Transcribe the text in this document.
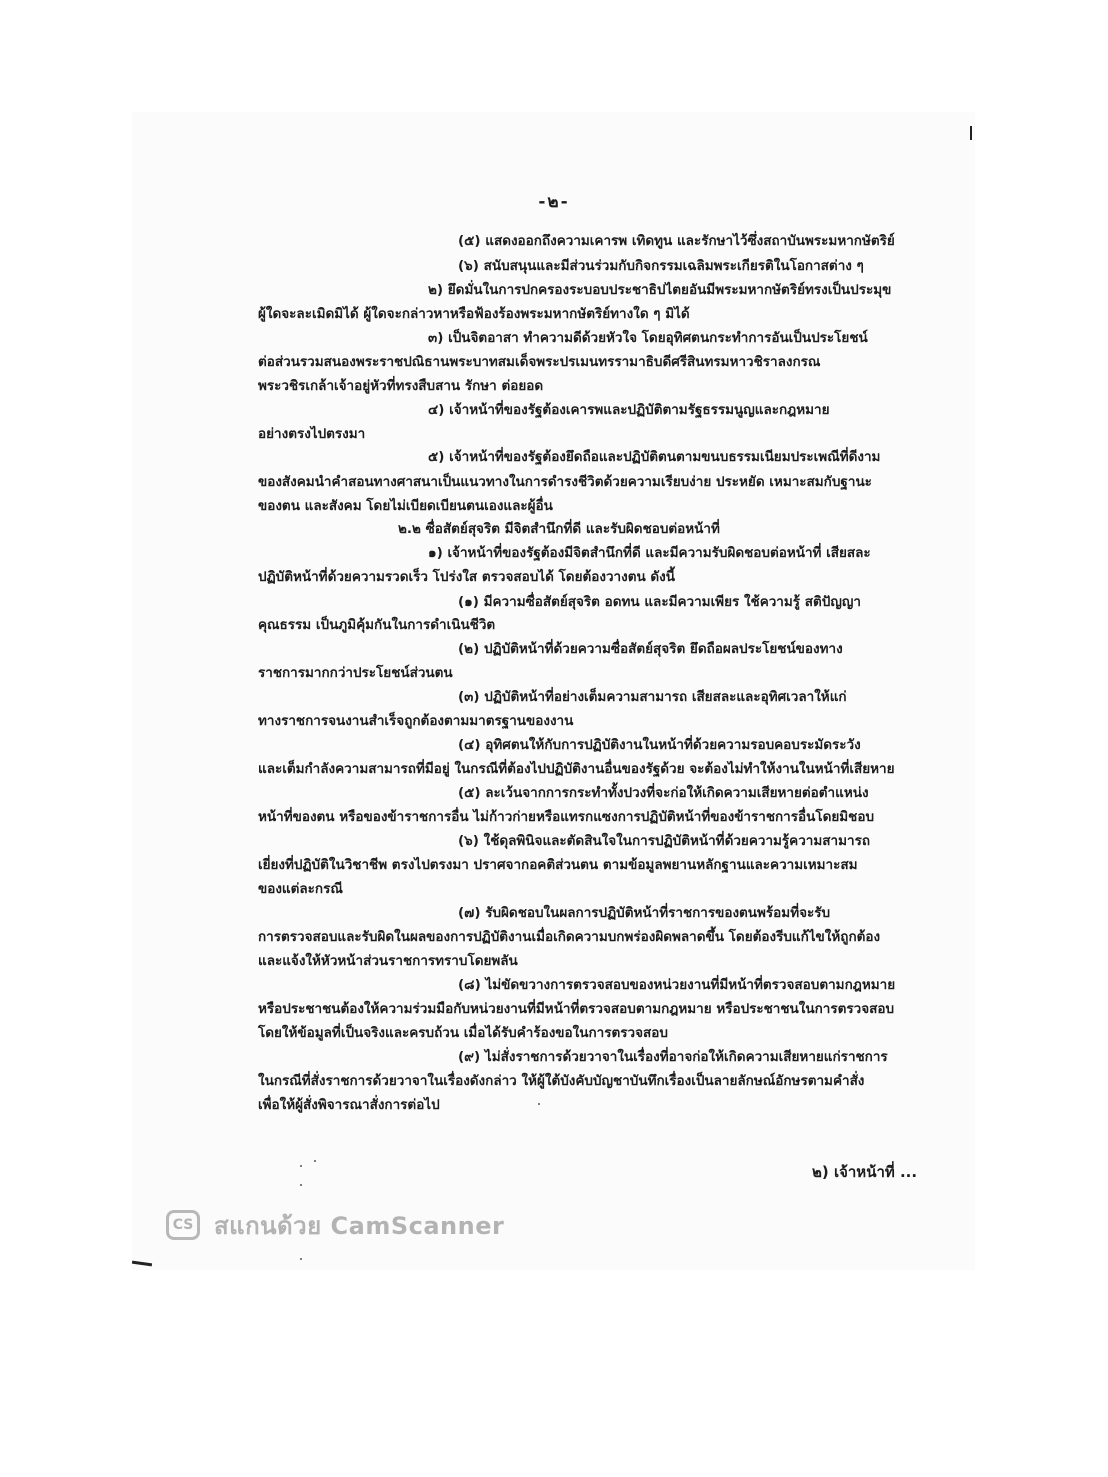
-๒-
(๕) แสดงออกถึงความเคารพ เทิดทูน และรักษาไว้ซึ่งสถาบันพระมหากษัตริย์
(๖) สนับสนุนและมีส่วนร่วมกับกิจกรรมเฉลิมพระเกียรติในโอกาสต่าง ๆ
๒) ยึดมั่นในการปกครองระบอบประชาธิปไตยอันมีพระมหากษัตริย์ทรงเป็นประมุข
ผู้ใดจะละเมิดมิได้ ผู้ใดจะกล่าวหาหรือฟ้องร้องพระมหากษัตริย์ทางใด ๆ มิได้
๓) เป็นจิตอาสา ทำความดีด้วยหัวใจ โดยอุทิศตนกระทำการอันเป็นประโยชน์
ต่อส่วนรวมสนองพระราชปณิธานพระบาทสมเด็จพระปรเมนทรรามาธิบดีศรีสินทรมหาวชิราลงกรณ
พระวชิรเกล้าเจ้าอยู่หัวที่ทรงสืบสาน รักษา ต่อยอด
๔) เจ้าหน้าที่ของรัฐต้องเคารพและปฏิบัติตามรัฐธรรมนูญและกฎหมาย
อย่างตรงไปตรงมา
๕) เจ้าหน้าที่ของรัฐต้องยึดถือและปฏิบัติตนตามขนบธรรมเนียมประเพณีที่ดีงาม
ของสังคมนำคำสอนทางศาสนาเป็นแนวทางในการดำรงชีวิตด้วยความเรียบง่าย ประหยัด เหมาะสมกับฐานะ
ของตน และสังคม โดยไม่เบียดเบียนตนเองและผู้อื่น
๒.๒ ซื่อสัตย์สุจริต มีจิตสำนึกที่ดี และรับผิดชอบต่อหน้าที่
๑) เจ้าหน้าที่ของรัฐต้องมีจิตสำนึกที่ดี และมีความรับผิดชอบต่อหน้าที่ เสียสละ
ปฏิบัติหน้าที่ด้วยความรวดเร็ว โปร่งใส ตรวจสอบได้ โดยต้องวางตน ดังนี้
(๑) มีความซื่อสัตย์สุจริต อดทน และมีความเพียร ใช้ความรู้ สติปัญญา
คุณธรรม เป็นภูมิคุ้มกันในการดำเนินชีวิต
(๒) ปฏิบัติหน้าที่ด้วยความซื่อสัตย์สุจริต ยึดถือผลประโยชน์ของทาง
ราชการมากกว่าประโยชน์ส่วนตน
(๓) ปฏิบัติหน้าที่อย่างเต็มความสามารถ เสียสละและอุทิศเวลาให้แก่
ทางราชการจนงานสำเร็จถูกต้องตามมาตรฐานของงาน
(๔) อุทิศตนให้กับการปฏิบัติงานในหน้าที่ด้วยความรอบคอบระมัดระวัง
และเต็มกำลังความสามารถที่มีอยู่ ในกรณีที่ต้องไปปฏิบัติงานอื่นของรัฐด้วย จะต้องไม่ทำให้งานในหน้าที่เสียหาย
(๕) ละเว้นจากการกระทำทั้งปวงที่จะก่อให้เกิดความเสียหายต่อตำแหน่ง
หน้าที่ของตน หรือของข้าราชการอื่น ไม่ก้าวก่ายหรือแทรกแซงการปฏิบัติหน้าที่ของข้าราชการอื่นโดยมิชอบ
(๖) ใช้ดุลพินิจและตัดสินใจในการปฏิบัติหน้าที่ด้วยความรู้ความสามารถ
เยี่ยงที่ปฏิบัติในวิชาชีพ ตรงไปตรงมา ปราศจากอคติส่วนตน ตามข้อมูลพยานหลักฐานและความเหมาะสม
ของแต่ละกรณี
(๗) รับผิดชอบในผลการปฏิบัติหน้าที่ราชการของตนพร้อมที่จะรับ
การตรวจสอบและรับผิดในผลของการปฏิบัติงานเมื่อเกิดความบกพร่องผิดพลาดขึ้น โดยต้องรีบแก้ไขให้ถูกต้อง
และแจ้งให้หัวหน้าส่วนราชการทราบโดยพลัน
(๘) ไม่ขัดขวางการตรวจสอบของหน่วยงานที่มีหน้าที่ตรวจสอบตามกฎหมาย
หรือประชาชนต้องให้ความร่วมมือกับหน่วยงานที่มีหน้าที่ตรวจสอบตามกฎหมาย หรือประชาชนในการตรวจสอบ
โดยให้ข้อมูลที่เป็นจริงและครบถ้วน เมื่อได้รับคำร้องขอในการตรวจสอบ
(๙) ไม่สั่งราชการด้วยวาจาในเรื่องที่อาจก่อให้เกิดความเสียหายแก่ราชการ
ในกรณีที่สั่งราชการด้วยวาจาในเรื่องดังกล่าว ให้ผู้ใต้บังคับบัญชาบันทึกเรื่องเป็นลายลักษณ์อักษรตามคำสั่ง
เพื่อให้ผู้สั่งพิจารณาสั่งการต่อไป
๒) เจ้าหน้าที่ ...
CS สแกนด้วย CamScanner
